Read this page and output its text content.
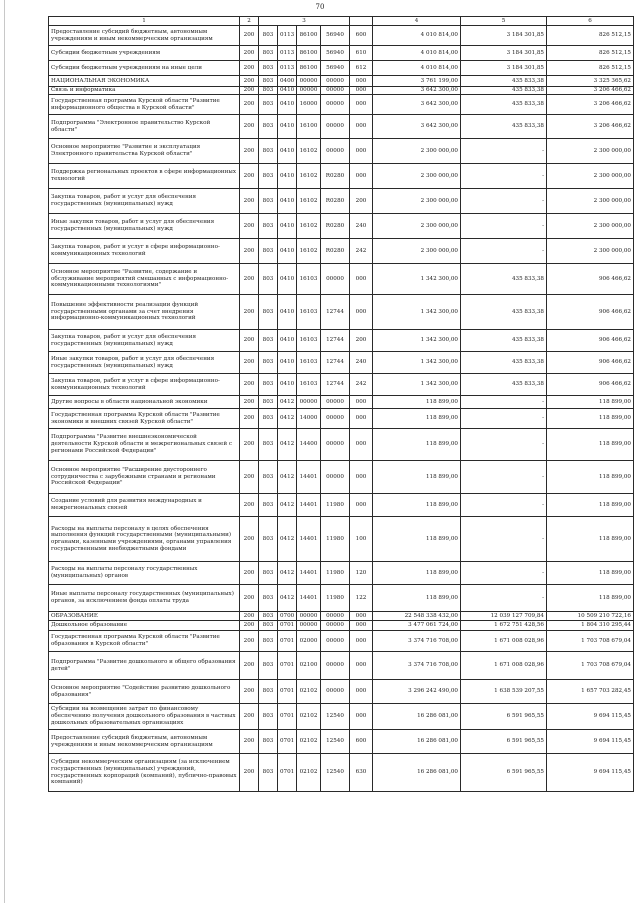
70
1	2	3					4	5	6
Предоставление субсидий бюджетным, автономным учреждениям и иным некоммерческим организациям	200	803	0113	86100	56940	600	4 010 814,00	3 184 301,85	826 512,15
Субсидии бюджетным учреждениям	200	803	0113	86100	56940	610	4 010 814,00	3 184 301,85	826 512,15
Субсидии бюджетным учреждениям на иные цели	200	803	0113	86100	56940	612	4 010 814,00	3 184 301,85	826 512,15
НАЦИОНАЛЬНАЯ ЭКОНОМИКА	200	803	0400	00000	00000	000	3 761 199,00	435 833,38	3 325 365,62
Связь и информатика	200	803	0410	00000	00000	000	3 642 300,00	435 833,38	3 206 466,62
Государственная программа Курской области "Развитие информационного общества в Курской области"	200	803	0410	16000	00000	000	3 642 300,00	435 833,38	3 206 466,62
Подпрограмма "Электронное правительство Курской области"	200	803	0410	16100	00000	000	3 642 300,00	435 833,38	3 206 466,62
Основное мероприятие "Развитие и эксплуатация Электронного правительства Курской области"	200	803	0410	16102	00000	000	2 300 000,00	-	2 300 000,00
Поддержка региональных проектов в сфере информационных технологий	200	803	0410	16102	R0280	000	2 300 000,00	-	2 300 000,00
Закупка товаров, работ и услуг для обеспечения государственных (муниципальных) нужд	200	803	0410	16102	R0280	200	2 300 000,00	-	2 300 000,00
Иные закупки товаров, работ и услуг для обеспечения государственных (муниципальных) нужд	200	803	0410	16102	R0280	240	2 300 000,00	-	2 300 000,00
Закупка товаров, работ и услуг в сфере информационно-коммуникационных технологий	200	803	0410	16102	R0280	242	2 300 000,00	-	2 300 000,00
Основное мероприятие "Развитие, содержание и обслуживание мероприятий смешанных с информационно-коммуникационными технологиями"	200	803	0410	16103	00000	000	1 342 300,00	435 833,38	906 466,62
Повышение эффективности реализации функций государственными органами за счет внедрения информационно-коммуникационных технологий	200	803	0410	16103	12744	000	1 342 300,00	435 833,38	906 466,62
Закупка товаров, работ и услуг для обеспечения государственных (муниципальных) нужд	200	803	0410	16103	12744	200	1 342 300,00	435 833,38	906 466,62
Иные закупки товаров, работ и услуг для обеспечения государственных (муниципальных) нужд	200	803	0410	16103	12744	240	1 342 300,00	435 833,38	906 466,62
Закупка товаров, работ и услуг в сфере информационно-коммуникационных технологий	200	803	0410	16103	12744	242	1 342 300,00	435 833,38	906 466,62
Другие вопросы в области национальной экономики	200	803	0412	00000	00000	000	118 899,00	-	118 899,00
Государственная программа Курской области "Развитие экономики и внешних связей Курской области"	200	803	0412	14000	00000	000	118 899,00	-	118 899,00
Подпрограмма "Развитие внешнеэкономической деятельности Курской области и межрегиональных связей с регионами Российской Федерации"	200	803	0412	14400	00000	000	118 899,00	-	118 899,00
Основное мероприятие "Расширение двустороннего сотрудничества с зарубежными странами и регионами Российской Федерации"	200	803	0412	14401	00000	000	118 899,00	-	118 899,00
Создание условий для развития международных и межрегиональных связей	200	803	0412	14401	11980	000	118 899,00	-	118 899,00
Расходы на выплаты персоналу в целях обеспечения выполнения функций государственными (муниципальными) органами, казенными учреждениями, органами управления государственными внебюджетными фондами	200	803	0412	14401	11980	100	118 899,00	-	118 899,00
Расходы на выплаты персоналу государственных (муниципальных) органов	200	803	0412	14401	11980	120	118 899,00	-	118 899,00
Иные выплаты персоналу государственных (муниципальных) органов, за исключением фонда оплаты труда	200	803	0412	14401	11980	122	118 899,00	-	118 899,00
ОБРАЗОВАНИЕ	200	803	0700	00000	00000	000	22 548 338 432,00	12 039 127 709,84	10 509 210 722,16
Дошкольное образование	200	803	0701	00000	00000	000	3 477 061 724,00	1 672 751 428,56	1 804 310 295,44
Государственная программа Курской области "Развитие образования в Курской области"	200	803	0701	02000	00000	000	3 374 716 708,00	1 671 008 028,96	1 703 708 679,04
Подпрограмма "Развитие дошкольного и общего образования детей"	200	803	0701	02100	00000	000	3 374 716 708,00	1 671 008 028,96	1 703 708 679,04
Основное мероприятие "Содействие развитию дошкольного образования"	200	803	0701	02102	00000	000	3 296 242 490,00	1 638 539 207,55	1 657 703 282,45
Субсидии на возмещение затрат по финансовому обеспечению получения дошкольного образования в частных дошкольных образовательных организациях	200	803	0701	02102	12540	000	16 286 081,00	6 591 965,55	9 694 115,45
Предоставление субсидий бюджетным, автономным учреждениям и иным некоммерческим организациям	200	803	0701	02102	12540	600	16 286 081,00	6 591 965,55	9 694 115,45
Субсидии некоммерческим организациям (за исключением государственных (муниципальных) учреждений, государственных корпораций (компаний), публично-правовых компаний)	200	803	0701	02102	12540	630	16 286 081,00	6 591 965,55	9 694 115,45
